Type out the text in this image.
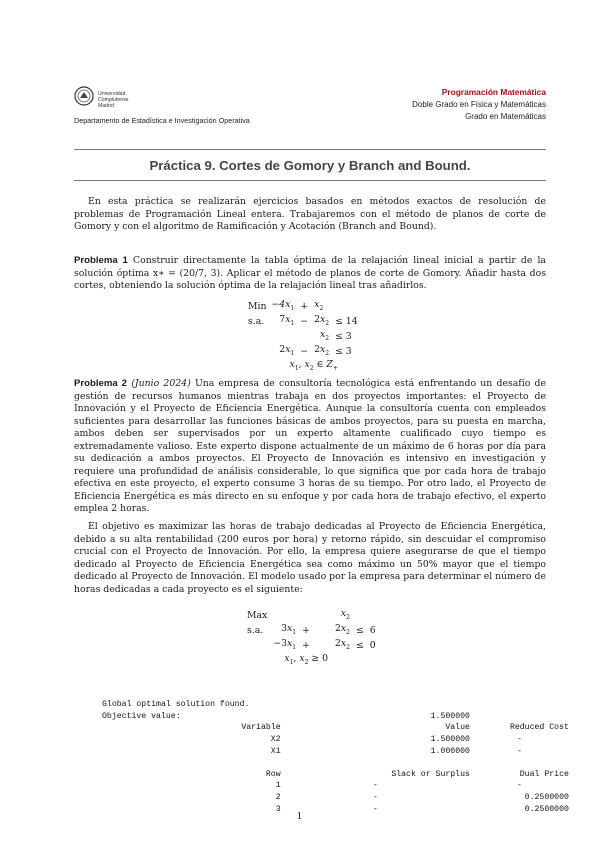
Universidad
Complutense
Madrid
Departamento de Estadística e Investigación Operativa
Programación Matemática
Doble Grado en Física y Matemáticas
Grado en Matemáticas
Práctica 9. Cortes de Gomory y Branch and Bound.
En esta práctica se realizarán ejercicios basados en métodos exactos de resolución de problemas de Programación Lineal entera. Trabajaremos con el método de planos de corte de Gomory y con el algoritmo de Ramificación y Acotación (Branch and Bound).
Problema 1 Construir directamente la tabla óptima de la relajación lineal inicial a partir de la solución óptima x∗ = (20/7, 3). Aplicar el método de planos de corte de Gomory. Añadir hasta dos cortes, obteniendo la solución óptima de la relajación lineal tras añadirlos.
Min	$-4x_1$	+	$x_2$	
s.a.	$7x_1$	−	$2x_2$	≤ 14
			$x_2$	≤ 3
	$2x_1$	−	$2x_2$	≤ 3
	$x_1$, $x_2$ ∈ $Z_+$
Problema 2 (Junio 2024) Una empresa de consultoría tecnológica está enfrentando un desafío de gestión de recursos humanos mientras trabaja en dos proyectos importantes: el Proyecto de Innovación y el Proyecto de Eficiencia Energética. Aunque la consultoría cuenta con empleados suficientes para desarrollar las funciones básicas de ambos proyectos, para su puesta en marcha, ambos deben ser supervisados por un experto altamente cualificado cuyo tiempo es extremadamente valioso. Este experto dispone actualmente de un máximo de 6 horas por día para su dedicación a ambos proyectos. El Proyecto de Innovación es intensivo en investigación y requiere una profundidad de análisis considerable, lo que significa que por cada hora de trabajo efectiva en este proyecto, el experto consume 3 horas de su tiempo. Por otro lado, el Proyecto de Eficiencia Energética es más directo en su enfoque y por cada hora de trabajo efectivo, el experto emplea 2 horas.
El objetivo es maximizar las horas de trabajo dedicadas al Proyecto de Eficiencia Energética, debido a su alta rentabilidad (200 euros por hora) y retorno rápido, sin descuidar el compromiso crucial con el Proyecto de Innovación. Por ello, la empresa quiere asegurarse de que el tiempo dedicado al Proyecto de Eficiencia Energética sea como máximo un 50% mayor que el tiempo dedicado al Proyecto de Innovación. El modelo usado por la empresa para determinar el número de horas dedicadas a cada proyecto es el siguiente:
Max			$x_2$		
s.a.	$3x_1$	+	$2x_2$	≤	6
	$-3x_1$	+	$2x_2$	≤	0
	$x_1$, $x_2 \ge 0$				

Global optimal solution found.			
Objective value:		1.500000	
	Variable	Value	Reduced Cost
	X2	1.500000	-
	X1	1.000000	-

	Row	Slack or Surplus	Dual Price
	1	-	-
	2	-	0.2500000
	3	-	0.2500000

1
